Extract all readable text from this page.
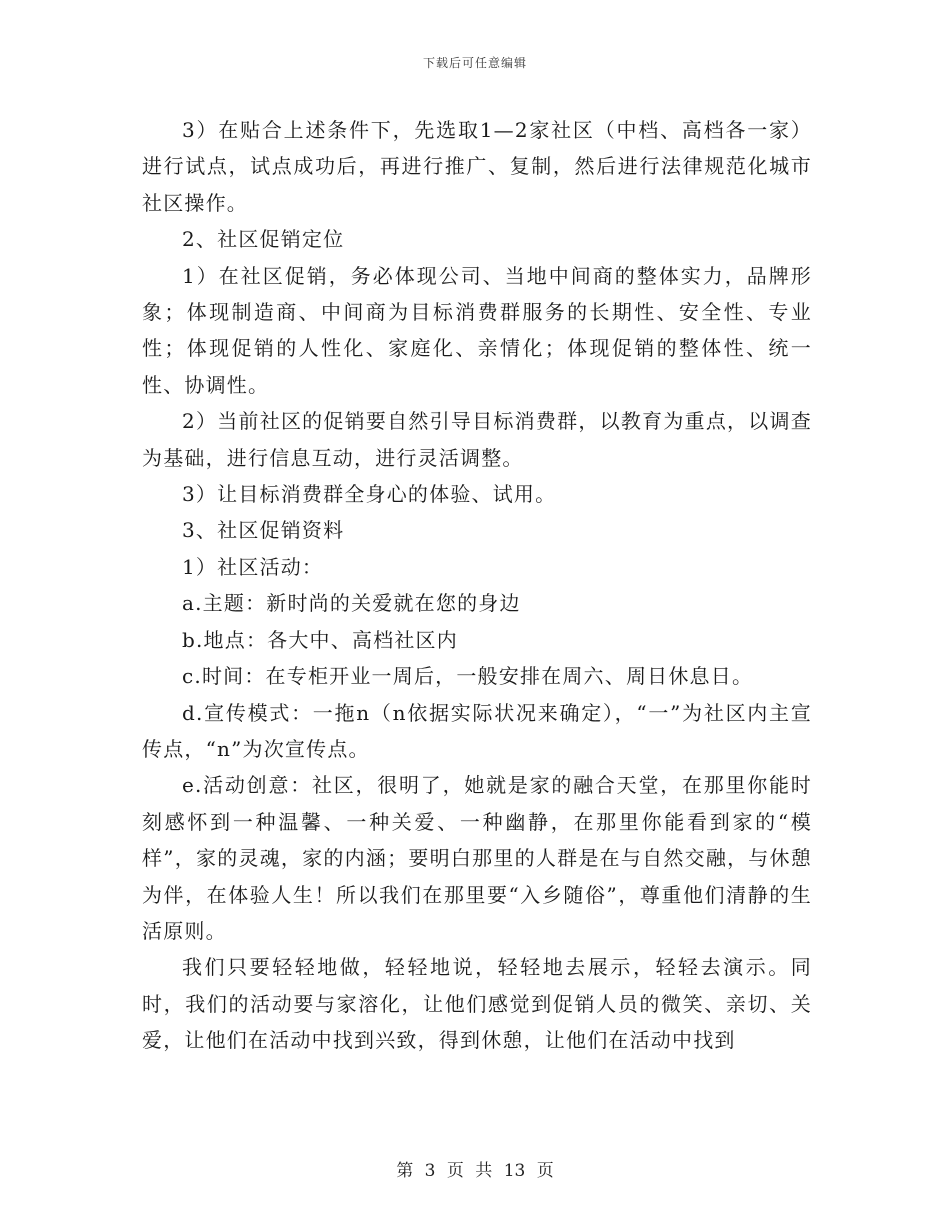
下载后可任意编辑

3）在贴合上述条件下，先选取1—2家社区（中档、高档各一家）进行试点，试点成功后，再进行推广、复制，然后进行法律规范化城市社区操作。

2、社区促销定位

1）在社区促销，务必体现公司、当地中间商的整体实力，品牌形象；体现制造商、中间商为目标消费群服务的长期性、安全性、专业性；体现促销的人性化、家庭化、亲情化；体现促销的整体性、统一性、协调性。

2）当前社区的促销要自然引导目标消费群，以教育为重点，以调查为基础，进行信息互动，进行灵活调整。

3）让目标消费群全身心的体验、试用。

3、社区促销资料

1）社区活动：

a.主题：新时尚的关爱就在您的身边

b.地点：各大中、高档社区内

c.时间：在专柜开业一周后，一般安排在周六、周日休息日。

d.宣传模式：一拖n（n依据实际状况来确定），“一”为社区内主宣传点，“n”为次宣传点。

e.活动创意：社区，很明了，她就是家的融合天堂，在那里你能时刻感怀到一种温馨、一种关爱、一种幽静，在那里你能看到家的“模样”，家的灵魂，家的内涵；要明白那里的人群是在与自然交融，与休憩为伴，在体验人生！所以我们在那里要“入乡随俗”，尊重他们清静的生活原则。

我们只要轻轻地做，轻轻地说，轻轻地去展示，轻轻去演示。同时，我们的活动要与家溶化，让他们感觉到促销人员的微笑、亲切、关爱，让他们在活动中找到兴致，得到休憩，让他们在活动中找到

第 3 页 共 13 页
